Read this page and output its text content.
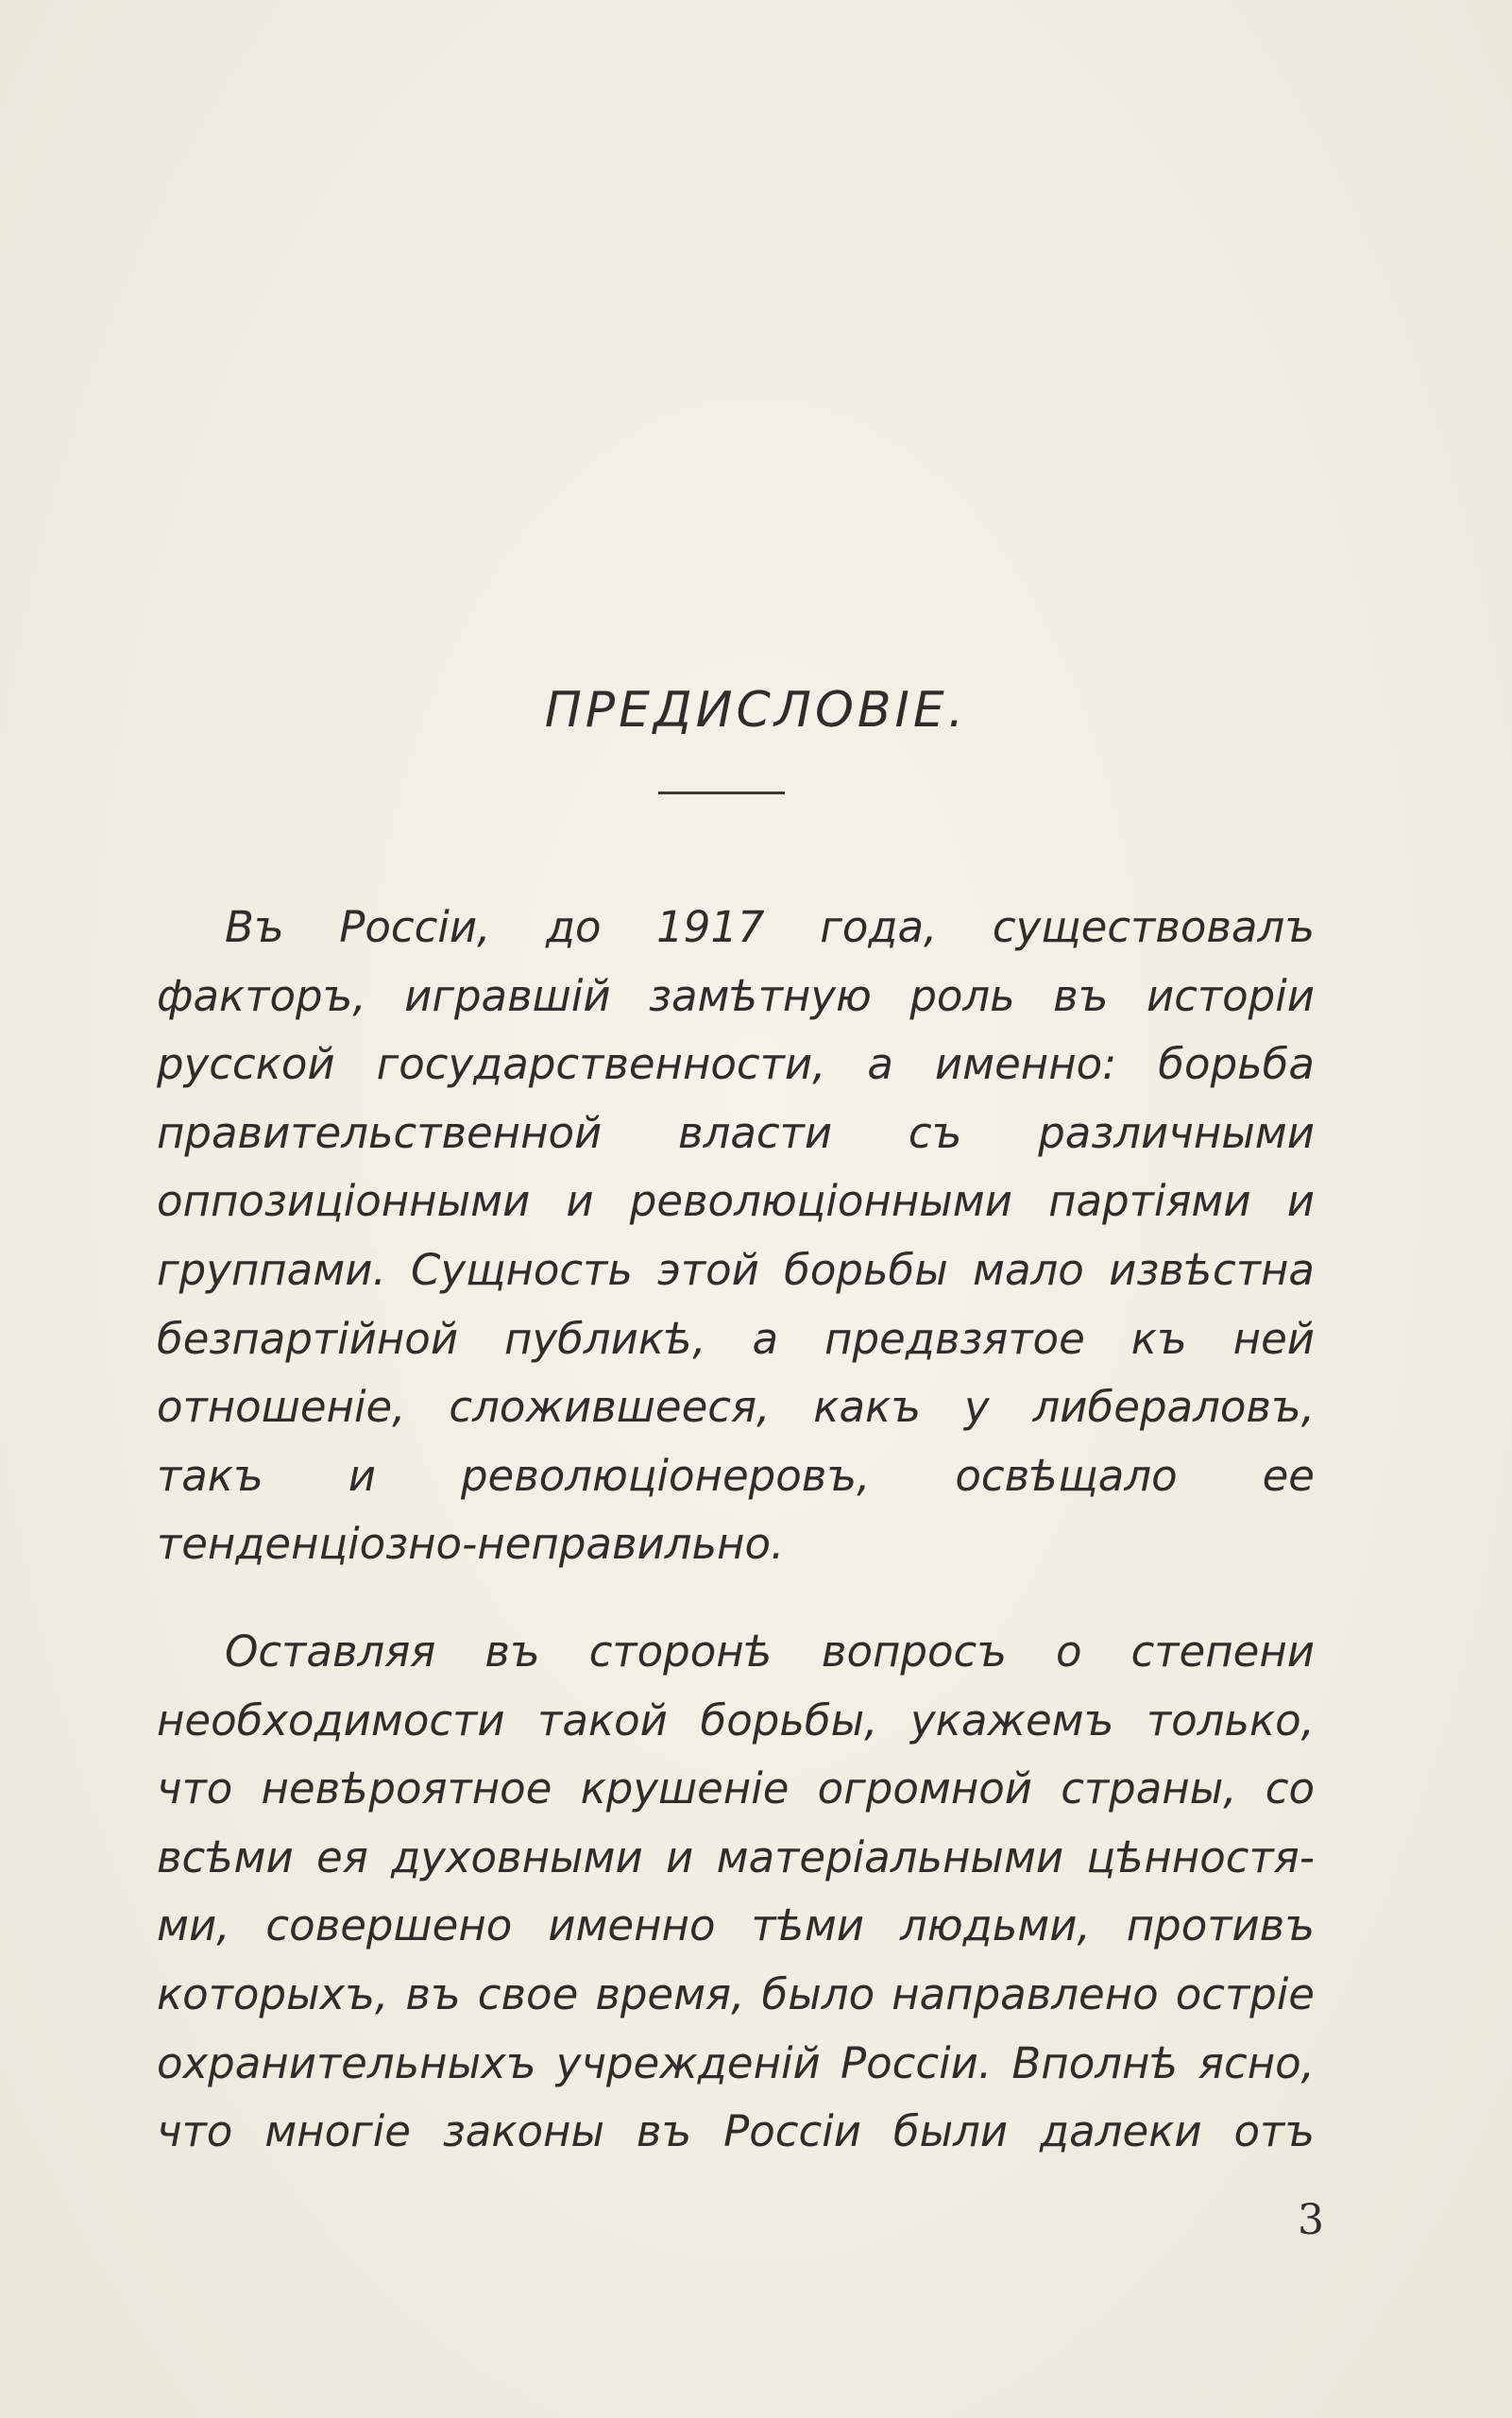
ПРЕДИСЛОВІЕ.

Въ Россіи, до 1917 года, существовалъ факторъ, игравшій замѣтную роль въ исторіи русской государственности, а именно: борьба правительственной власти съ различными оппозиціонными и революціонными партіями и группами. Сущность этой борьбы мало извѣстна безпартійной публикѣ, а предвзятое къ ней отношеніе, сложившееся, какъ у либераловъ, такъ и революціонеровъ, освѣщало ее тенденціозно-неправильно.

Оставляя въ сторонѣ вопросъ о степени необходимости такой борьбы, укажемъ только, что невѣроятное крушеніе огромной страны, со всѣми ея духовными и матеріальными цѣнностями, совершено именно тѣми людьми, противъ которыхъ, въ свое время, было направлено остріе охранительныхъ учрежденій Россіи. Вполнѣ ясно, что многіе законы въ Россіи были далеки отъ

3
